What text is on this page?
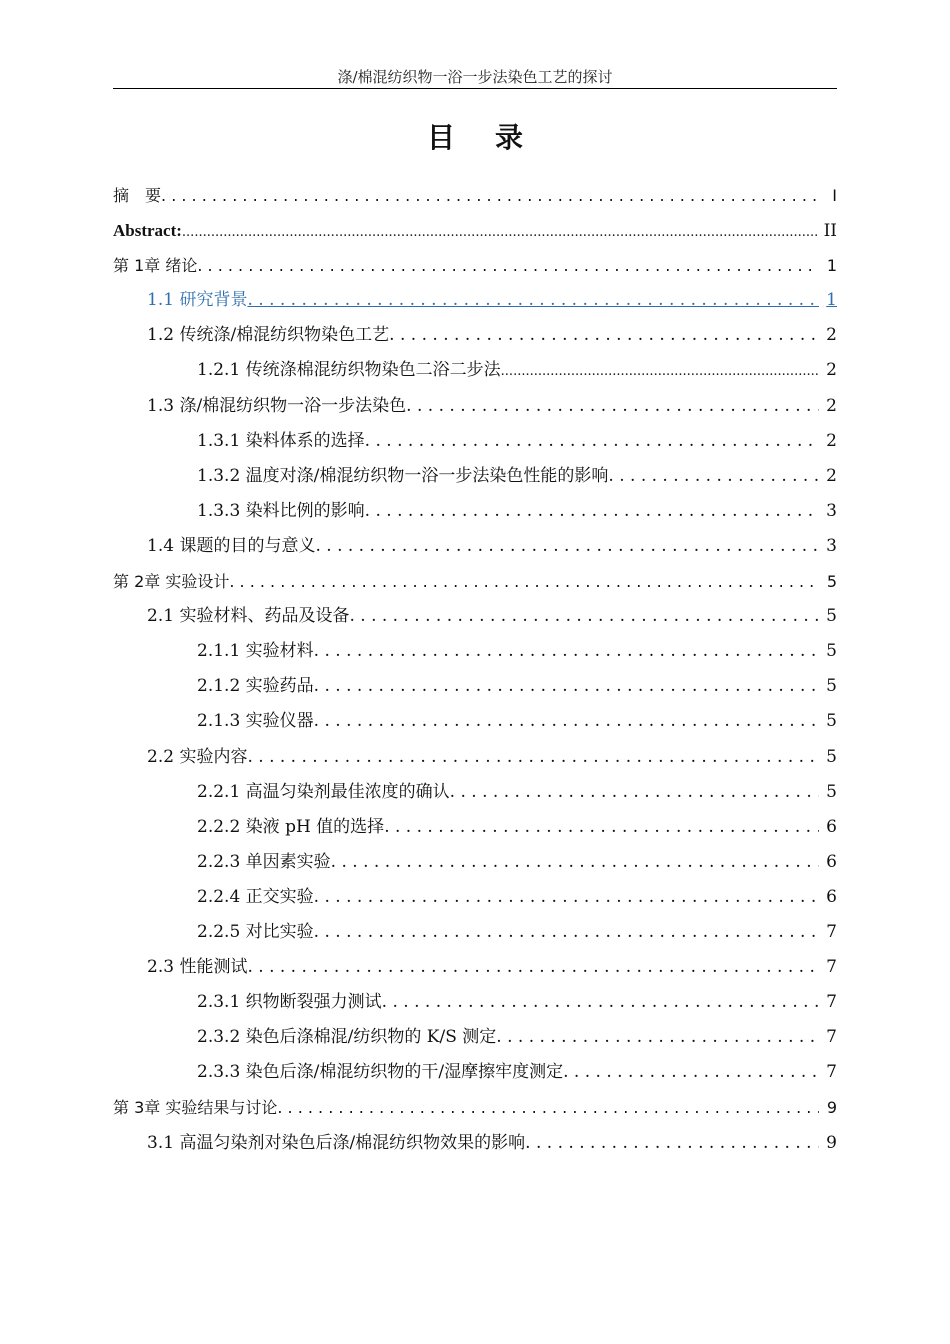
涤/棉混纺织物一浴一步法染色工艺的探讨
目录
摘　要 . . .	I
Abstract: .....	II
第 1章 绪论 . . .	1
1.1 研究背景 . . .	1
1.2 传统涤/棉混纺织物染色工艺 . . .	2
1.2.1 传统涤棉混纺织物染色二浴二步法 .....	2
1.3 涤/棉混纺织物一浴一步法染色 . . .	2
1.3.1 染料体系的选择 . . .	2
1.3.2 温度对涤/棉混纺织物一浴一步法染色性能的影响 . . .	2
1.3.3 染料比例的影响 . . .	3
1.4 课题的目的与意义 . . .	3
第 2章 实验设计 . . .	5
2.1 实验材料、药品及设备 . . .	5
2.1.1 实验材料 . . .	5
2.1.2 实验药品 . . .	5
2.1.3 实验仪器 . . .	5
2.2 实验内容 . . .	5
2.2.1 高温匀染剂最佳浓度的确认 . . .	5
2.2.2 染液 pH 值的选择 . . .	6
2.2.3 单因素实验 . . .	6
2.2.4 正交实验 . . .	6
2.2.5 对比实验 . . .	7
2.3 性能测试 . . .	7
2.3.1 织物断裂强力测试 . . .	7
2.3.2 染色后涤棉混/纺织物的 K/S 测定 . . .	7
2.3.3 染色后涤/棉混纺织物的干/湿摩擦牢度测定 . . .	7
第 3章 实验结果与讨论 . . .	9
3.1 高温匀染剂对染色后涤/棉混纺织物效果的影响 . . .	9
